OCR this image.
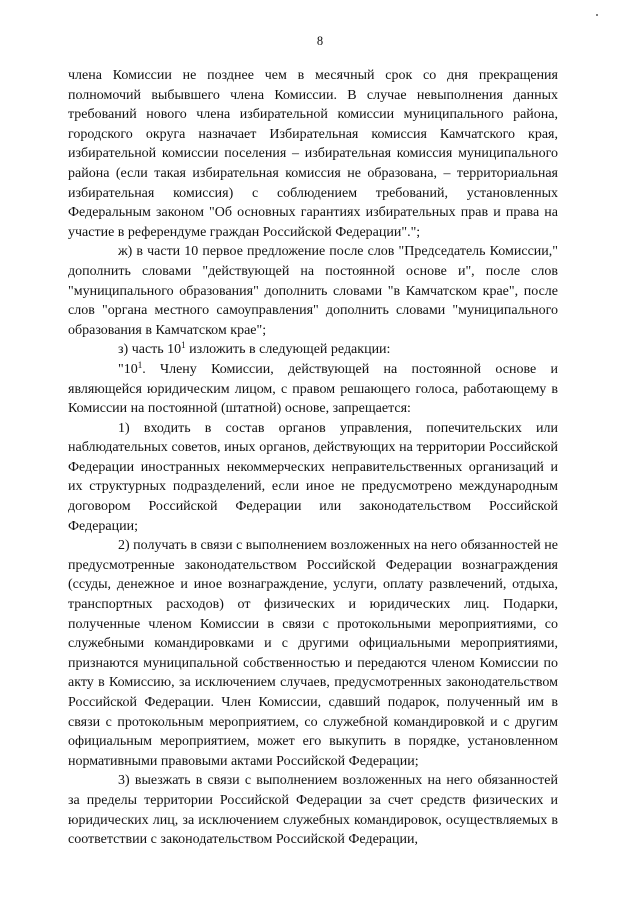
8

члена Комиссии не позднее чем в месячный срок со дня прекращения полномочий выбывшего члена Комиссии. В случае невыполнения данных требований нового члена избирательной комиссии муниципального района, городского округа назначает Избирательная комиссия Камчатского края, избирательной комиссии поселения – избирательная комиссия муниципального района (если такая избирательная комиссия не образована, – территориальная избирательная комиссия) с соблюдением требований, установленных Федеральным законом "Об основных гарантиях избирательных прав и права на участие в референдуме граждан Российской Федерации".";

ж) в части 10 первое предложение после слов "Председатель Комиссии," дополнить словами "действующей на постоянной основе и", после слов "муниципального образования" дополнить словами "в Камчатском крае", после слов "органа местного самоуправления" дополнить словами "муниципального образования в Камчатском крае";

з) часть $10^1$ изложить в следующей редакции:

"$10^1$. Члену Комиссии, действующей на постоянной основе и являющейся юридическим лицом, с правом решающего голоса, работающему в Комиссии на постоянной (штатной) основе, запрещается:

1) входить в состав органов управления, попечительских или наблюдательных советов, иных органов, действующих на территории Российской Федерации иностранных некоммерческих неправительственных организаций и их структурных подразделений, если иное не предусмотрено международным договором Российской Федерации или законодательством Российской Федерации;

2) получать в связи с выполнением возложенных на него обязанностей не предусмотренные законодательством Российской Федерации вознаграждения (ссуды, денежное и иное вознаграждение, услуги, оплату развлечений, отдыха, транспортных расходов) от физических и юридических лиц. Подарки, полученные членом Комиссии в связи с протокольными мероприятиями, со служебными командировками и с другими официальными мероприятиями, признаются муниципальной собственностью и передаются членом Комиссии по акту в Комиссию, за исключением случаев, предусмотренных законодательством Российской Федерации. Член Комиссии, сдавший подарок, полученный им в связи с протокольным мероприятием, со служебной командировкой и с другим официальным мероприятием, может его выкупить в порядке, установленном нормативными правовыми актами Российской Федерации;

3) выезжать в связи с выполнением возложенных на него обязанностей за пределы территории Российской Федерации за счет средств физических и юридических лиц, за исключением служебных командировок, осуществляемых в соответствии с законодательством Российской Федерации,
